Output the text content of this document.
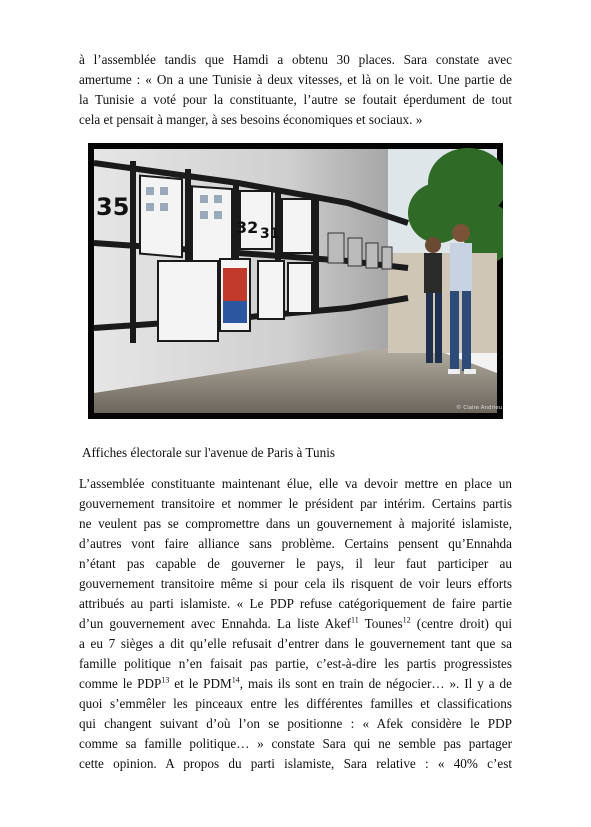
à l’assemblée tandis que Hamdi a obtenu 30 places. Sara constate avec
amertume : « On a une Tunisie à deux vitesses, et là on le voit. Une partie de
la Tunisie a voté pour la constituante, l’autre se foutait éperdument de tout
cela et pensait à manger, à ses besoins économiques et sociaux. »

35
32 31
© Claire Andrieu

Affiches électorale sur l'avenue de Paris à Tunis

L’assemblée constituante maintenant élue, elle va devoir mettre en place un
gouvernement transitoire et nommer le président par intérim. Certains partis
ne veulent pas se compromettre dans un gouvernement à majorité islamiste,
d’autres vont faire alliance sans problème. Certains pensent qu’Ennahda
n’étant pas capable de gouverner le pays, il leur faut participer au
gouvernement transitoire même si pour cela ils risquent de voir leurs efforts
attribués au parti islamiste. « Le PDP refuse catégoriquement de faire partie
d’un gouvernement avec Ennahda. La liste Akef$^{11}$ Tounes$^{12}$ (centre droit) qui
a eu 7 sièges a dit qu’elle refusait d’entrer dans le gouvernement tant que sa
famille politique n’en faisait pas partie, c’est-à-dire les partis progressistes
comme le PDP$^{13}$ et le PDM$^{14}$, mais ils sont en train de négocier… ». Il y a de
quoi s’emmêler les pinceaux entre les différentes familles et classifications
qui changent suivant d’où l’on se positionne : « Afek considère le PDP
comme sa famille politique… » constate Sara qui ne semble pas partager
cette opinion. A propos du parti islamiste, Sara relative : « 40% c’est
